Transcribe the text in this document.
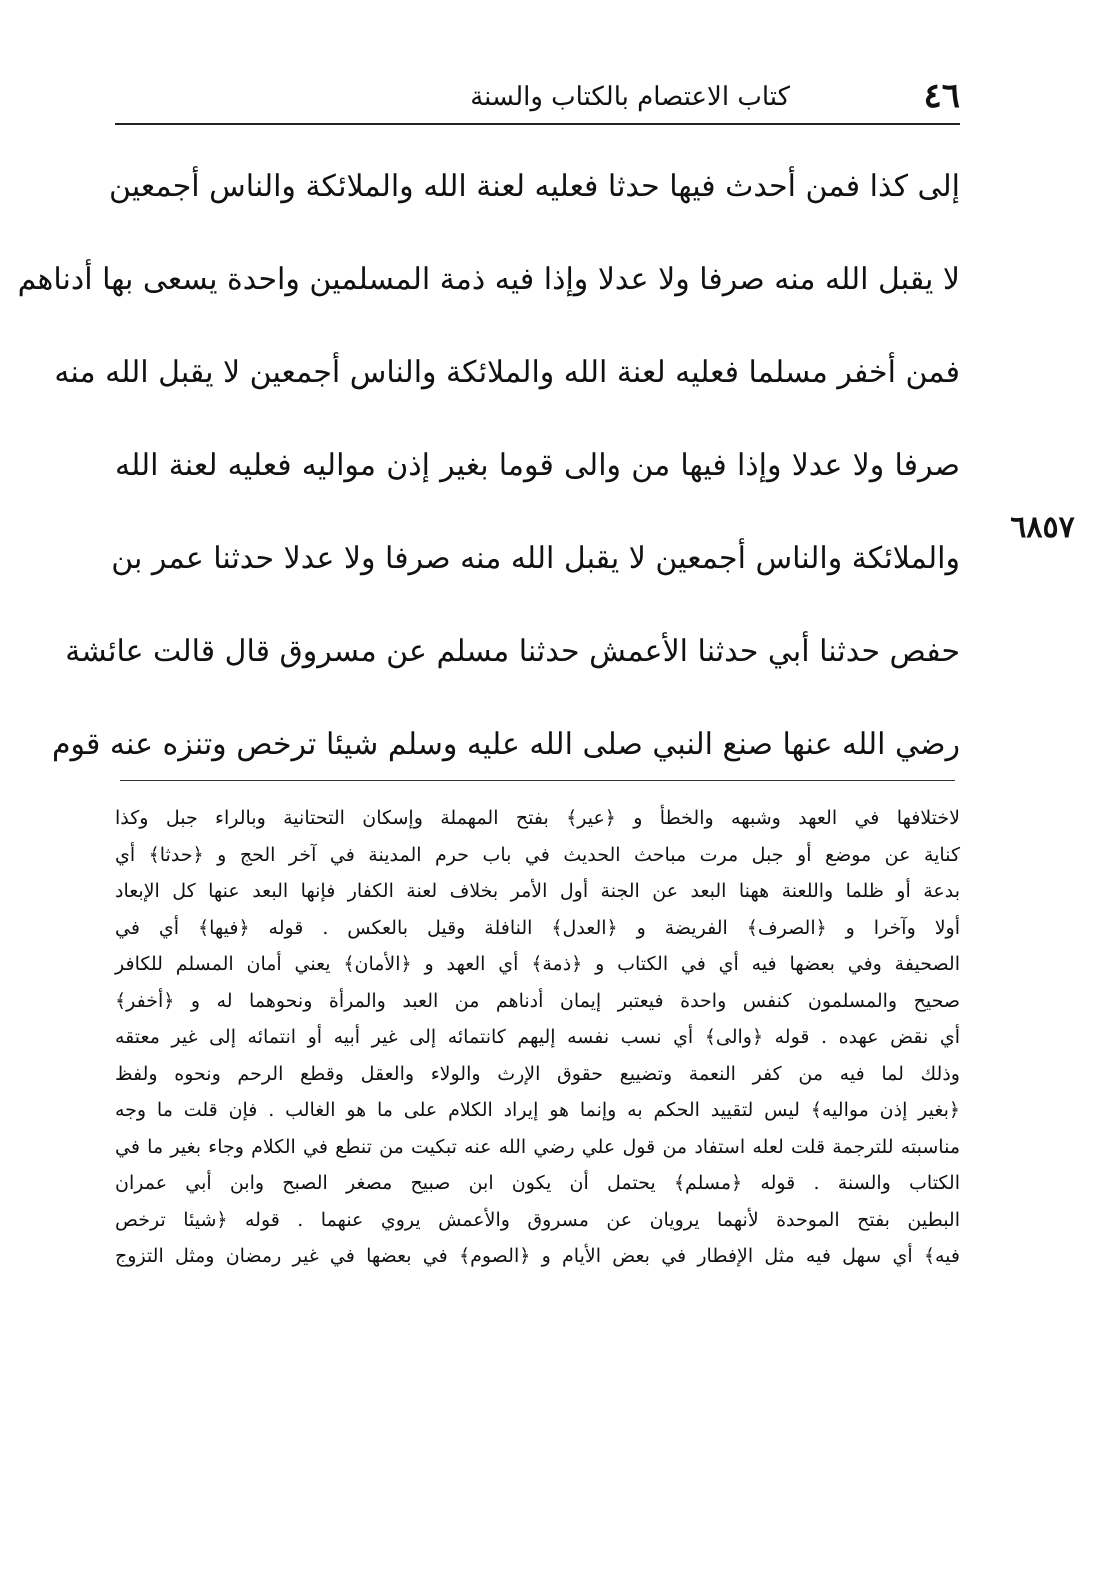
٤٦
كتاب الاعتصام بالكتاب والسنة
إلى كذا فمن أحدث فيها حدثا فعليه لعنة الله والملائكة والناس أجمعين
لا يقبل الله منه صرفا ولا عدلا وإذا فيه ذمة المسلمين واحدة يسعى بها أدناهم
فمن أخفر مسلما فعليه لعنة الله والملائكة والناس أجمعين لا يقبل الله منه
صرفا ولا عدلا وإذا فيها من والى قوما بغير إذن مواليه فعليه لعنة الله
والملائكة والناس أجمعين لا يقبل الله منه صرفا ولا عدلا حدثنا عمر بن
حفص حدثنا أبي حدثنا الأعمش حدثنا مسلم عن مسروق قال قالت عائشة
رضي الله عنها صنع النبي صلى الله عليه وسلم شيئا ترخص وتنزه عنه قوم
٦٨٥٧
لاختلافها في العهد وشبهه والخطأ و ﴿عير﴾ بفتح المهملة وإسكان التحتانية وبالراء جبل وكذا
كناية عن موضع أو جبل مرت مباحث الحديث في باب حرم المدينة في آخر الحج و ﴿حدثا﴾ أي
بدعة أو ظلما واللعنة ههنا البعد عن الجنة أول الأمر بخلاف لعنة الكفار فإنها البعد عنها كل الإبعاد
أولا وآخرا و ﴿الصرف﴾ الفريضة و ﴿العدل﴾ النافلة وقيل بالعكس . قوله ﴿فيها﴾ أي في
الصحيفة وفي بعضها فيه أي في الكتاب و ﴿ذمة﴾ أي العهد و ﴿الأمان﴾ يعني أمان المسلم للكافر
صحيح والمسلمون كنفس واحدة فيعتبر إيمان أدناهم من العبد والمرأة ونحوهما له و ﴿أخفر﴾
أي نقض عهده . قوله ﴿والى﴾ أي نسب نفسه إليهم كانتمائه إلى غير أبيه أو انتمائه إلى غير معتقه
وذلك لما فيه من كفر النعمة وتضييع حقوق الإرث والولاء والعقل وقطع الرحم ونحوه ولفظ
﴿بغير إذن مواليه﴾ ليس لتقييد الحكم به وإنما هو إيراد الكلام على ما هو الغالب . فإن قلت ما وجه
مناسبته للترجمة قلت لعله استفاد من قول علي رضي الله عنه تبكيت من تنطع في الكلام وجاء بغير ما في
الكتاب والسنة . قوله ﴿مسلم﴾ يحتمل أن يكون ابن صبيح مصغر الصبح وابن أبي عمران
البطين بفتح الموحدة لأنهما يرويان عن مسروق والأعمش يروي عنهما . قوله ﴿شيئا ترخص
فيه﴾ أي سهل فيه مثل الإفطار في بعض الأيام و ﴿الصوم﴾ في بعضها في غير رمضان ومثل التزوج
